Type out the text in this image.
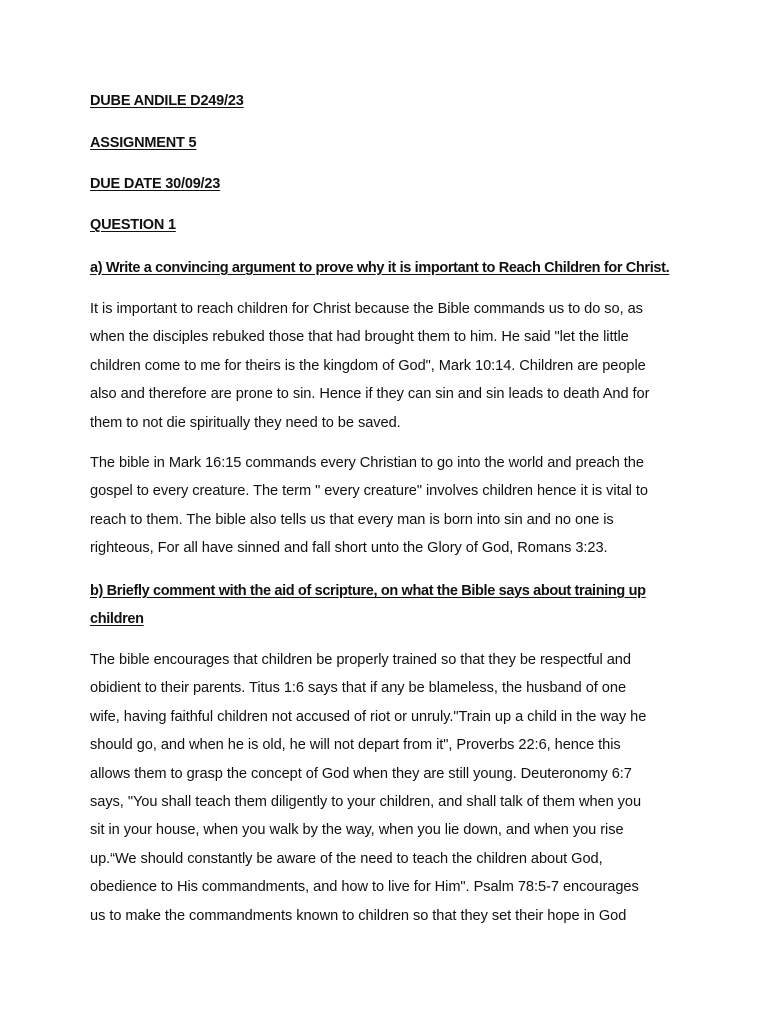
DUBE ANDILE D249/23

ASSIGNMENT 5

DUE DATE 30/09/23

QUESTION 1

a) Write a convincing argument to prove why it is important to Reach Children for Christ.

It is important to reach children for Christ because the Bible commands us to do so, as
when the disciples rebuked those that had brought them to him. He said "let the little
children come to me for theirs is the kingdom of God", Mark 10:14. Children are people
also and therefore are prone to sin. Hence if they can sin and sin leads to death And for
them to not die spiritually they need to be saved.
The bible in Mark 16:15 commands every Christian to go into the world and preach the
gospel to every creature. The term " every creature" involves children hence it is vital to
reach to them. The bible also tells us that every man is born into sin and no one is
righteous, For all have sinned and fall short unto the Glory of God, Romans 3:23.
b) Briefly comment with the aid of scripture, on what the Bible says about training up
children
The bible encourages that children be properly trained so that they be respectful and
obidient to their parents. Titus 1:6 says that if any be blameless, the husband of one
wife, having faithful children not accused of riot or unruly."Train up a child in the way he
should go, and when he is old, he will not depart from it", Proverbs 22:6, hence this
allows them to grasp the concept of God when they are still young. Deuteronomy 6:7
says, "You shall teach them diligently to your children, and shall talk of them when you
sit in your house, when you walk by the way, when you lie down, and when you rise
up.“We should constantly be aware of the need to teach the children about God,
obedience to His commandments, and how to live for Him". Psalm 78:5-7 encourages
us to make the commandments known to children so that they set their hope in God
